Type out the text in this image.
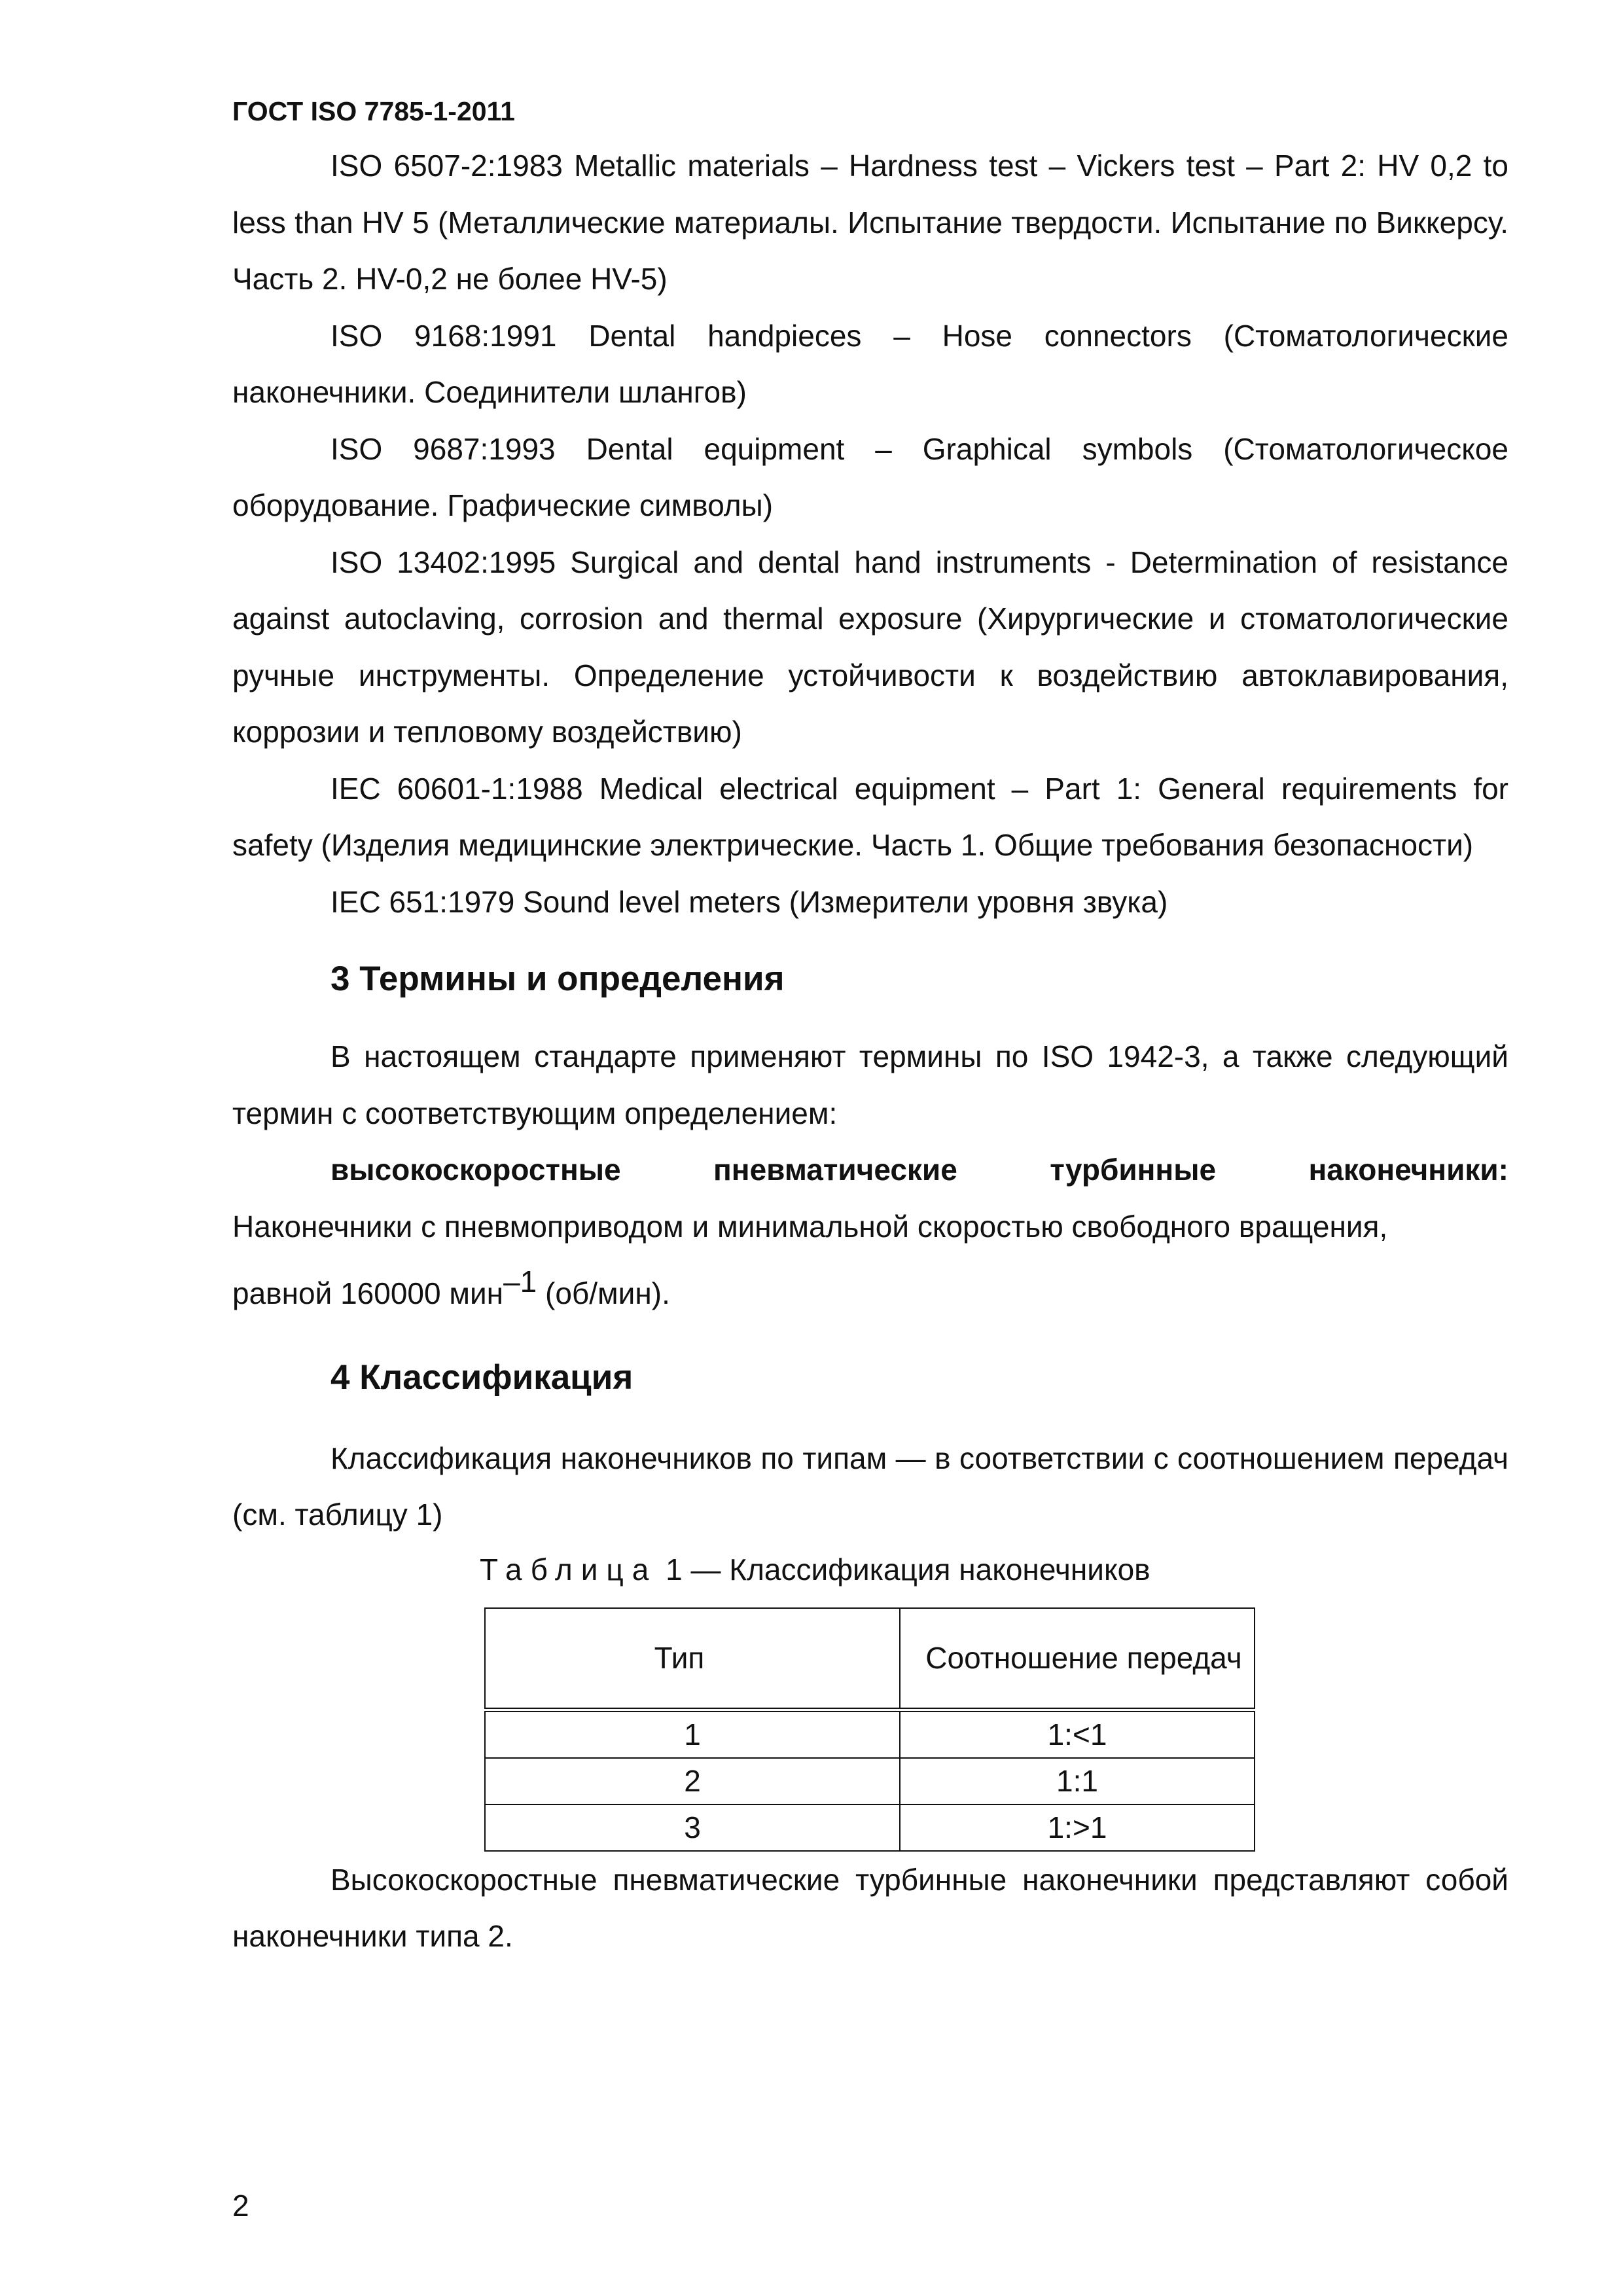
ГОСТ ISO 7785-1-2011

ISO 6507-2:1983 Metallic materials – Hardness test – Vickers test – Part 2: HV 0,2 to less than HV 5 (Металлические материалы. Испытание твердости. Испытание по Виккерсу. Часть 2. HV-0,2 не более HV-5)

ISO 9168:1991 Dental handpieces – Hose connectors (Стоматологические наконечники. Соединители шлангов)

ISO 9687:1993 Dental equipment – Graphical symbols (Стоматологическое оборудование. Графические символы)

ISO 13402:1995 Surgical and dental hand instruments - Determination of resistance against autoclaving, corrosion and thermal exposure (Хирургические и стоматологические ручные инструменты. Определение устойчивости к воздействию автоклавирования, коррозии и тепловому воздействию)

IEC 60601-1:1988 Medical electrical equipment – Part 1: General requirements for safety (Изделия медицинские электрические. Часть 1. Общие требования безопасности)

IEC 651:1979 Sound level meters (Измерители уровня звука)

3 Термины и определения

В настоящем стандарте применяют термины по ISO 1942-3, а также следующий термин с соответствующим определением:

высокоскоростные пневматические турбинные наконечники:

Наконечники с пневмоприводом и минимальной скоростью свободного вращения,

равной 160000 мин$^{-1}$ (об/мин).

4 Классификация

Классификация наконечников по типам — в соответствии с соотношением передач (см. таблицу 1)

Таблица 1 — Классификация наконечников

Тип	Соотношение передач
1	1:<1
2	1:1
3	1:>1

Высокоскоростные пневматические турбинные наконечники представляют собой наконечники типа 2.

2
